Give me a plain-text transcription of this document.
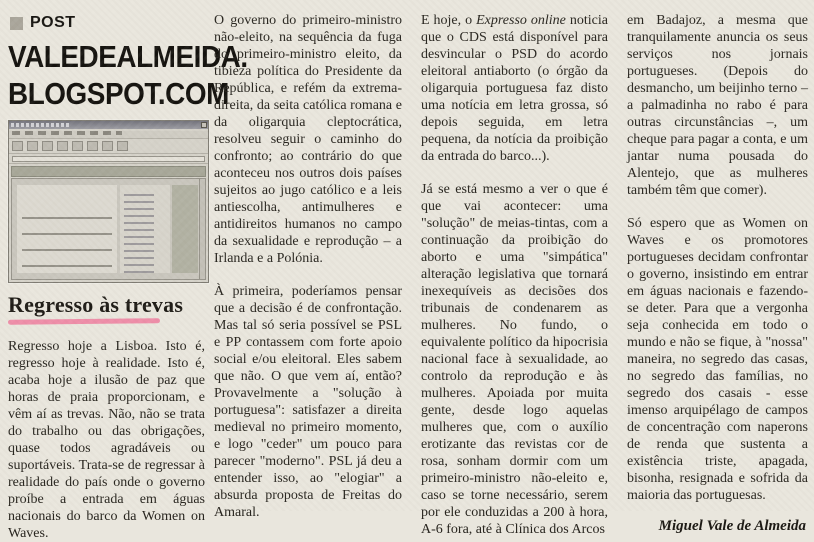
POST
VALEDEALMEIDA.
BLOGSPOT.COM
Regresso às trevas

Regresso hoje a Lisboa. Isto é, regresso hoje à realidade. Isto é, acaba hoje a ilusão de paz que horas de praia proporcionam, e vêm aí as trevas. Não, não se trata do trabalho ou das obrigações, quase todos agradáveis ou suportáveis. Trata-se de regressar à realidade do país onde o governo proíbe a entrada em águas nacionais do barco da Women on Waves.

O governo do primeiro-ministro não-eleito, na sequência da fuga do primeiro-ministro eleito, da tibieza política do Presidente da República, e refém da extrema-direita, da seita católica romana e da oligarquia cleptocrática, resolveu seguir o caminho do confronto; ao contrário do que aconteceu nos outros dois países sujeitos ao jugo católico e a leis antiescolha, antimulheres e antidireitos humanos no campo da sexualidade e reprodução – a Irlanda e a Polónia.

À primeira, poderíamos pensar que a decisão é de confrontação. Mas tal só seria possível se PSL e PP contassem com forte apoio social e/ou eleitoral. Eles sabem que não. O que vem aí, então? Provavelmente a "solução à portuguesa": satisfazer a direita medieval no primeiro momento, e logo "ceder" um pouco para parecer "moderno". PSL já deu a entender isso, ao "elogiar" a absurda proposta de Freitas do Amaral.

E hoje, o Expresso online noticia que o CDS está disponível para desvincular o PSD do acordo eleitoral antiaborto (o órgão da oligarquia portuguesa faz disto uma notícia em letra grossa, só depois seguida, em letra pequena, da notícia da proibição da entrada do barco...).

Já se está mesmo a ver o que é que vai acontecer: uma "solução" de meias-tintas, com a continuação da proibição do aborto e uma "simpática" alteração legislativa que tornará inexequíveis as decisões dos tribunais de condenarem as mulheres. No fundo, o equivalente político da hipocrisia nacional face à sexualidade, ao controlo da reprodução e às mulheres. Apoiada por muita gente, desde logo aquelas mulheres que, com o auxílio erotizante das revistas cor de rosa, sonham dormir com um primeiro-ministro não-eleito e, caso se torne necessário, serem por ele conduzidas a 200 à hora, A-6 fora, até à Clínica dos Arcos

em Badajoz, a mesma que tranquilamente anuncia os seus serviços nos jornais portugueses. (Depois do desmancho, um beijinho terno – a palmadinha no rabo é para outras circunstâncias –, um cheque para pagar a conta, e um jantar numa pousada do Alentejo, que as mulheres também têm que comer).

Só espero que as Women on Waves e os promotores portugueses decidam confrontar o governo, insistindo em entrar em águas nacionais e fazendo-se deter. Para que a vergonha seja conhecida em todo o mundo e não se fique, à "nossa" maneira, no segredo das casas, no segredo das famílias, no segredo dos casais - esse imenso arquipélago de campos de concentração com naperons de renda que sustenta a existência triste, apagada, bisonha, resignada e sofrida da maioria das portuguesas.

Miguel Vale de Almeida
